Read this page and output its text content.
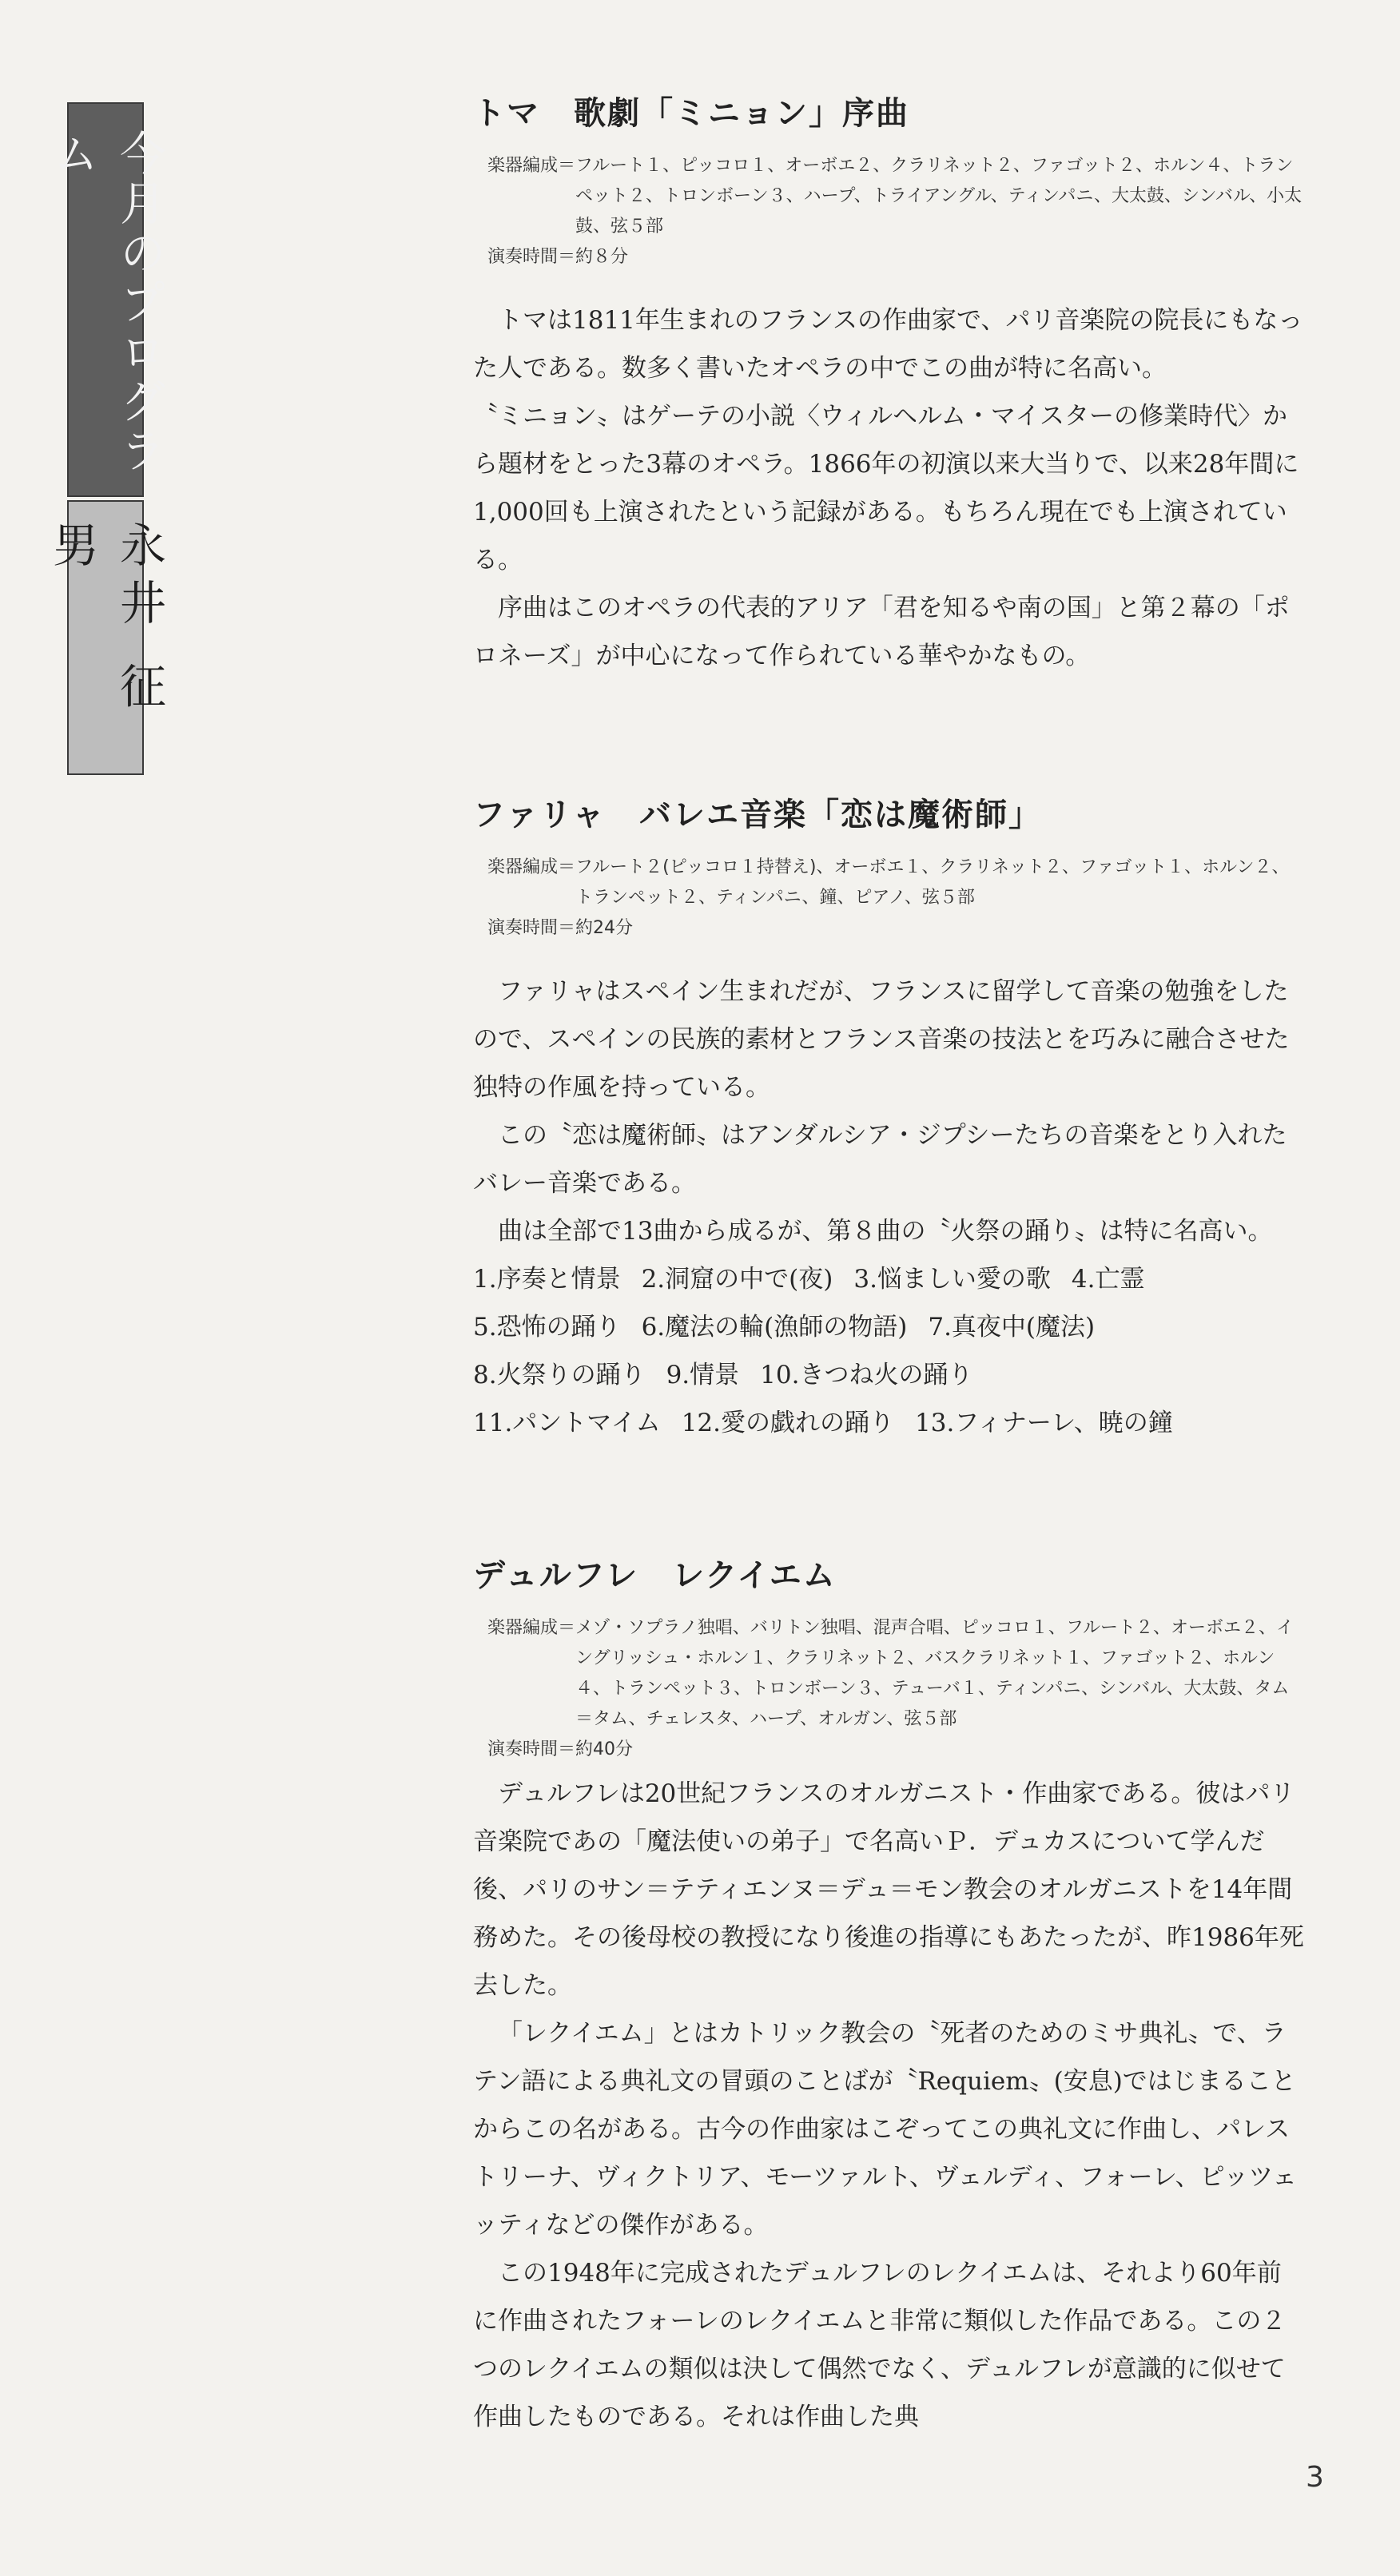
今月のプログラム
永井 征男
トマ　歌劇「ミニョン」序曲
楽器編成＝ フルート１、ピッコロ１、オーボエ２、クラリネット２、ファゴット２、ホルン４、トランペット２、トロンボーン３、ハープ、トライアングル、ティンパニ、大太鼓、シンバル、小太鼓、弦５部
演奏時間＝約８分

トマは1811年生まれのフランスの作曲家で、パリ音楽院の院長にもなった人である。数多く書いたオペラの中でこの曲が特に名高い。

〝ミニョン〟はゲーテの小説〈ウィルヘルム・マイスターの修業時代〉から題材をとった3幕のオペラ。1866年の初演以来大当りで、以来28年間に1,000回も上演されたという記録がある。もちろん現在でも上演されている。

序曲はこのオペラの代表的アリア「君を知るや南の国」と第２幕の「ポロネーズ」が中心になって作られている華やかなもの。

ファリャ　バレエ音楽「恋は魔術師」
楽器編成＝ フルート２(ピッコロ１持替え)、オーボエ１、クラリネット２、ファゴット１、ホルン２、トランペット２、ティンパニ、鐘、ピアノ、弦５部
演奏時間＝約24分

ファリャはスペイン生まれだが、フランスに留学して音楽の勉強をしたので、スペインの民族的素材とフランス音楽の技法とを巧みに融合させた独特の作風を持っている。

この〝恋は魔術師〟はアンダルシア・ジプシーたちの音楽をとり入れたバレー音楽である。

曲は全部で13曲から成るが、第８曲の〝火祭の踊り〟は特に名高い。

1.序奏と情景 2.洞窟の中で(夜) 3.悩ましい愛の歌 4.亡霊

5.恐怖の踊り 6.魔法の輪(漁師の物語) 7.真夜中(魔法)

8.火祭りの踊り 9.情景 10.きつね火の踊り

11.パントマイム 12.愛の戯れの踊り 13.フィナーレ、暁の鐘

デュルフレ　レクイエム
楽器編成＝ メゾ・ソプラノ独唱、バリトン独唱、混声合唱、ピッコロ１、フルート２、オーボエ２、イングリッシュ・ホルン１、クラリネット２、バスクラリネット１、ファゴット２、ホルン４、トランペット３、トロンボーン３、テューバ１、ティンパニ、シンバル、大太鼓、タム＝タム、チェレスタ、ハープ、オルガン、弦５部
演奏時間＝約40分

デュルフレは20世紀フランスのオルガニスト・作曲家である。彼はパリ音楽院であの「魔法使いの弟子」で名高いＰ．デュカスについて学んだ後、パリのサン＝テティエンヌ＝デュ＝モン教会のオルガニストを14年間務めた。その後母校の教授になり後進の指導にもあたったが、昨1986年死去した。

「レクイエム」とはカトリック教会の〝死者のためのミサ典礼〟で、ラテン語による典礼文の冒頭のことばが〝Requiem〟(安息)ではじまることからこの名がある。古今の作曲家はこぞってこの典礼文に作曲し、パレストリーナ、ヴィクトリア、モーツァルト、ヴェルディ、フォーレ、ピッツェッティなどの傑作がある。

この1948年に完成されたデュルフレのレクイエムは、それより60年前に作曲されたフォーレのレクイエムと非常に類似した作品である。この２つのレクイエムの類似は決して偶然でなく、デュルフレが意識的に似せて作曲したものである。それは作曲した典

3
